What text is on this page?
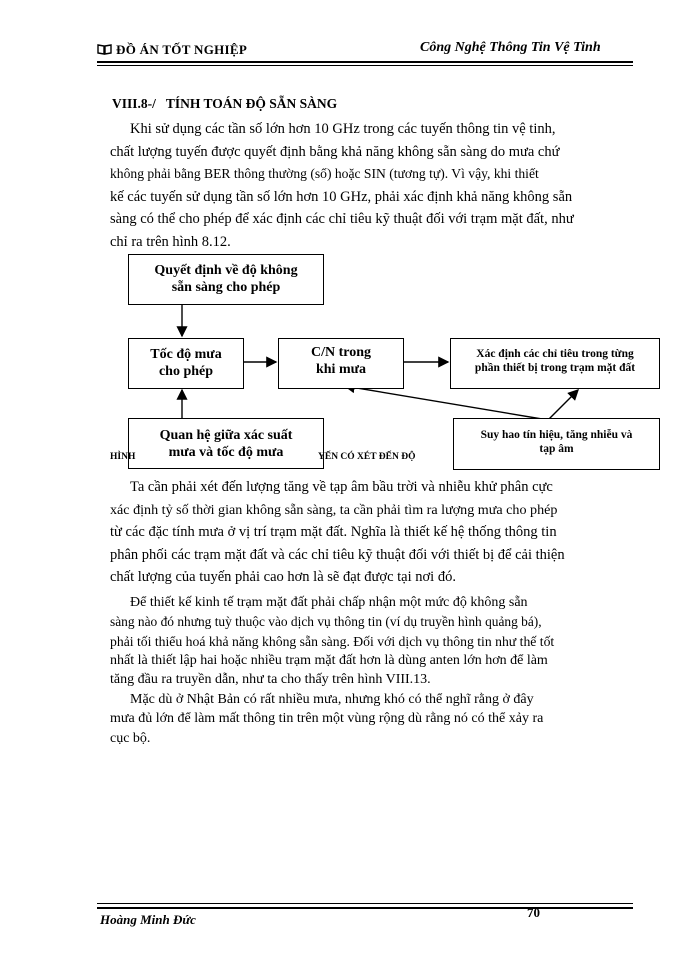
ĐỒ ÁN TỐT NGHIỆP	Công Nghệ Thông Tin Vệ Tinh
VIII.8-/ TÍNH TOÁN ĐỘ SẴN SÀNG
Khi sử dụng các tần số lớn hơn 10 GHz trong các tuyến thông tin vệ tinh,
chất lượng tuyến được quyết định bằng khả năng không sẵn sàng do mưa chứ
không phải bằng BER thông thường (số) hoặc SIN (tương tự). Vì vậy, khi thiết
kế các tuyến sử dụng tần số lớn hơn 10 GHz, phải xác định khả năng không sẵn
sàng có thể cho phép để xác định các chỉ tiêu kỹ thuật đối với trạm mặt đất, như
chỉ ra trên hình 8.12.
Quyết định về độ không
sẵn sàng cho phép
Tốc độ mưa
cho phép
C/N trong
khi mưa
Xác định các chỉ tiêu trong từng
phần thiết bị trong trạm mặt đất
Quan hệ giữa xác suất
mưa và tốc độ mưa
Suy hao tín hiệu, tăng nhiễu và
tạp âm
HÌNH	YẾN CÓ XÉT ĐẾN ĐỘ
Ta cần phải xét đến lượng tăng về tạp âm bầu trời và nhiễu khử phân cực
xác định tỷ số thời gian không sẵn sàng, ta cần phải tìm ra lượng mưa cho phép
từ các đặc tính mưa ở vị trí trạm mặt đất. Nghĩa là thiết kế hệ thống thông tin
phân phối các trạm mặt đất và các chỉ tiêu kỹ thuật đối với thiết bị để cải thiện
chất lượng của tuyến phải cao hơn là sẽ đạt được tại nơi đó.
Để thiết kế kinh tế trạm mặt đất phải chấp nhận một mức độ không sẵn
sàng nào đó nhưng tuỳ thuộc vào dịch vụ thông tin (ví dụ truyền hình quảng bá),
phải tối thiểu hoá khả năng không sẵn sàng. Đối với dịch vụ thông tin như thế tốt
nhất là thiết lập hai hoặc nhiều trạm mặt đất hơn là dùng anten lớn hơn để làm
tăng đầu ra truyền dẫn, như ta cho thấy trên hình VIII.13.
Mặc dù ở Nhật Bản có rất nhiều mưa, nhưng khó có thể nghĩ rằng ở đây
mưa đủ lớn để làm mất thông tin trên một vùng rộng dù rằng nó có thể xảy ra
cục bộ.
70
Hoàng Minh Đức
